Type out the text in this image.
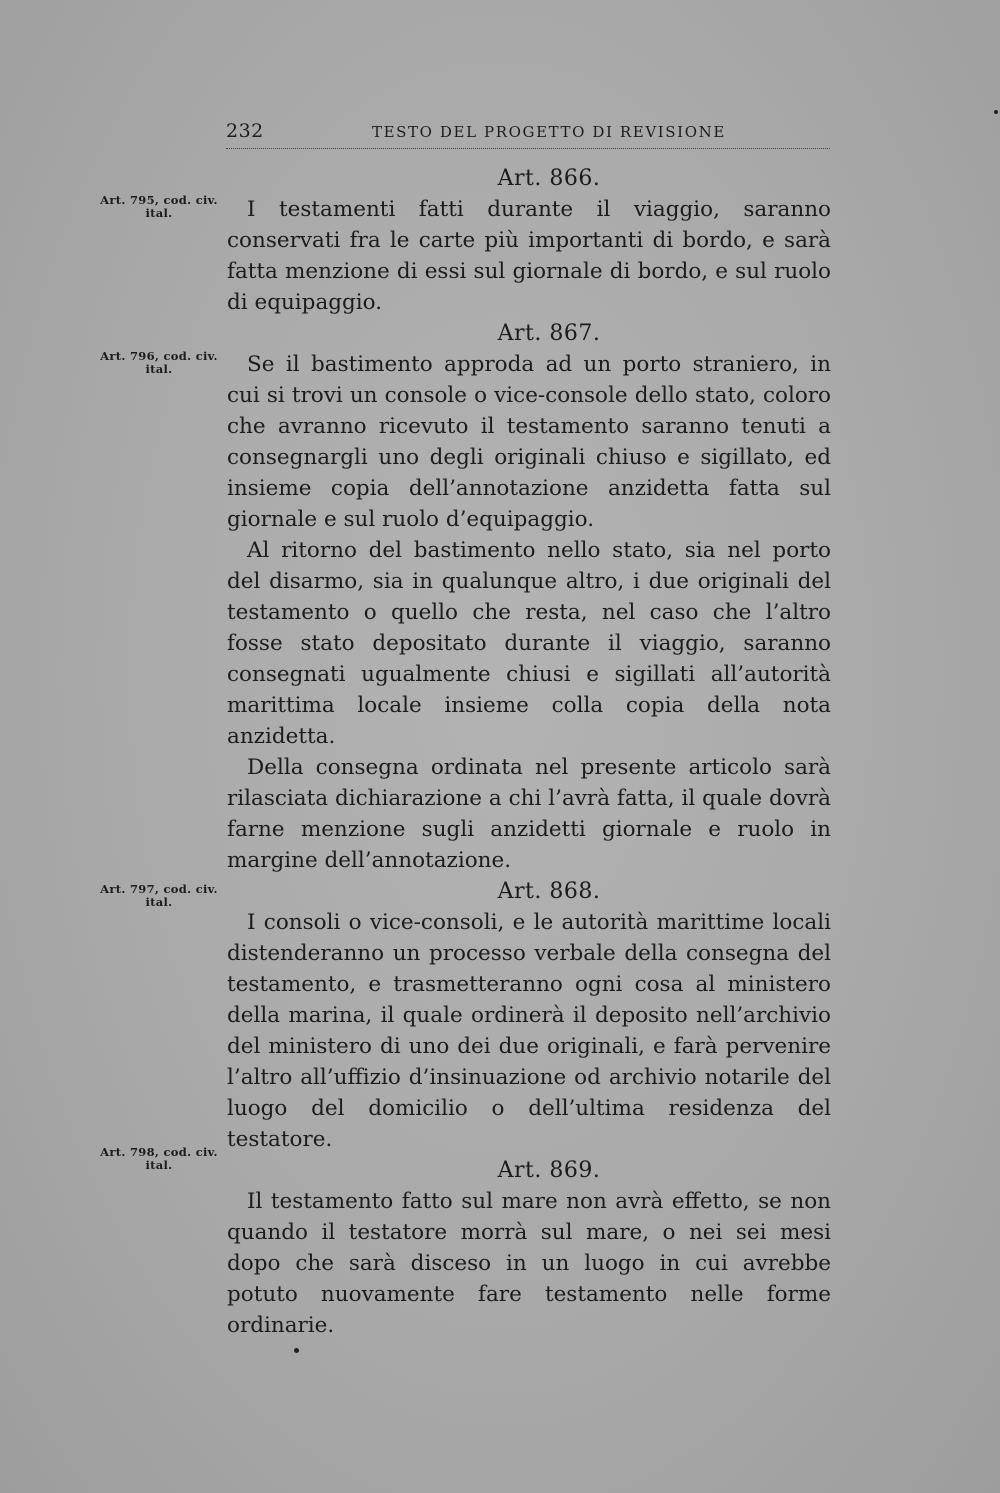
232	TESTO DEL PROGETTO DI REVISIONE
Art. 795, cod. civ. ital.
Art. 796, cod. civ. ital.
Art. 797, cod. civ. ital.
Art. 798, cod. civ. ital.
Art. 866.

I testamenti fatti durante il viaggio, saranno conservati fra le carte più importanti di bordo, e sarà fatta menzione di essi sul giornale di bordo, e sul ruolo di equipaggio.

Art. 867.

Se il bastimento approda ad un porto straniero, in cui si trovi un console o vice-console dello stato, coloro che avranno ricevuto il testamento saranno tenuti a consegnargli uno degli originali chiuso e sigillato, ed insieme copia dell’annotazione anzidetta fatta sul giornale e sul ruolo d’equipaggio.

Al ritorno del bastimento nello stato, sia nel porto del disarmo, sia in qualunque altro, i due originali del testamento o quello che resta, nel caso che l’altro fosse stato depositato durante il viaggio, saranno consegnati ugualmente chiusi e sigillati all’autorità marittima locale insieme colla copia della nota anzidetta.

Della consegna ordinata nel presente articolo sarà rilasciata dichiarazione a chi l’avrà fatta, il quale dovrà farne menzione sugli anzidetti giornale e ruolo in margine dell’annotazione.

Art. 868.

I consoli o vice-consoli, e le autorità marittime locali distenderanno un processo verbale della consegna del testamento, e trasmetteranno ogni cosa al ministero della marina, il quale ordinerà il deposito nell’archivio del ministero di uno dei due originali, e farà pervenire l’altro all’uffizio d’insinuazione od archivio notarile del luogo del domicilio o dell’ultima residenza del testatore.

Art. 869.

Il testamento fatto sul mare non avrà effetto, se non quando il testatore morrà sul mare, o nei sei mesi dopo che sarà disceso in un luogo in cui avrebbe potuto nuovamente fare testamento nelle forme ordinarie.
